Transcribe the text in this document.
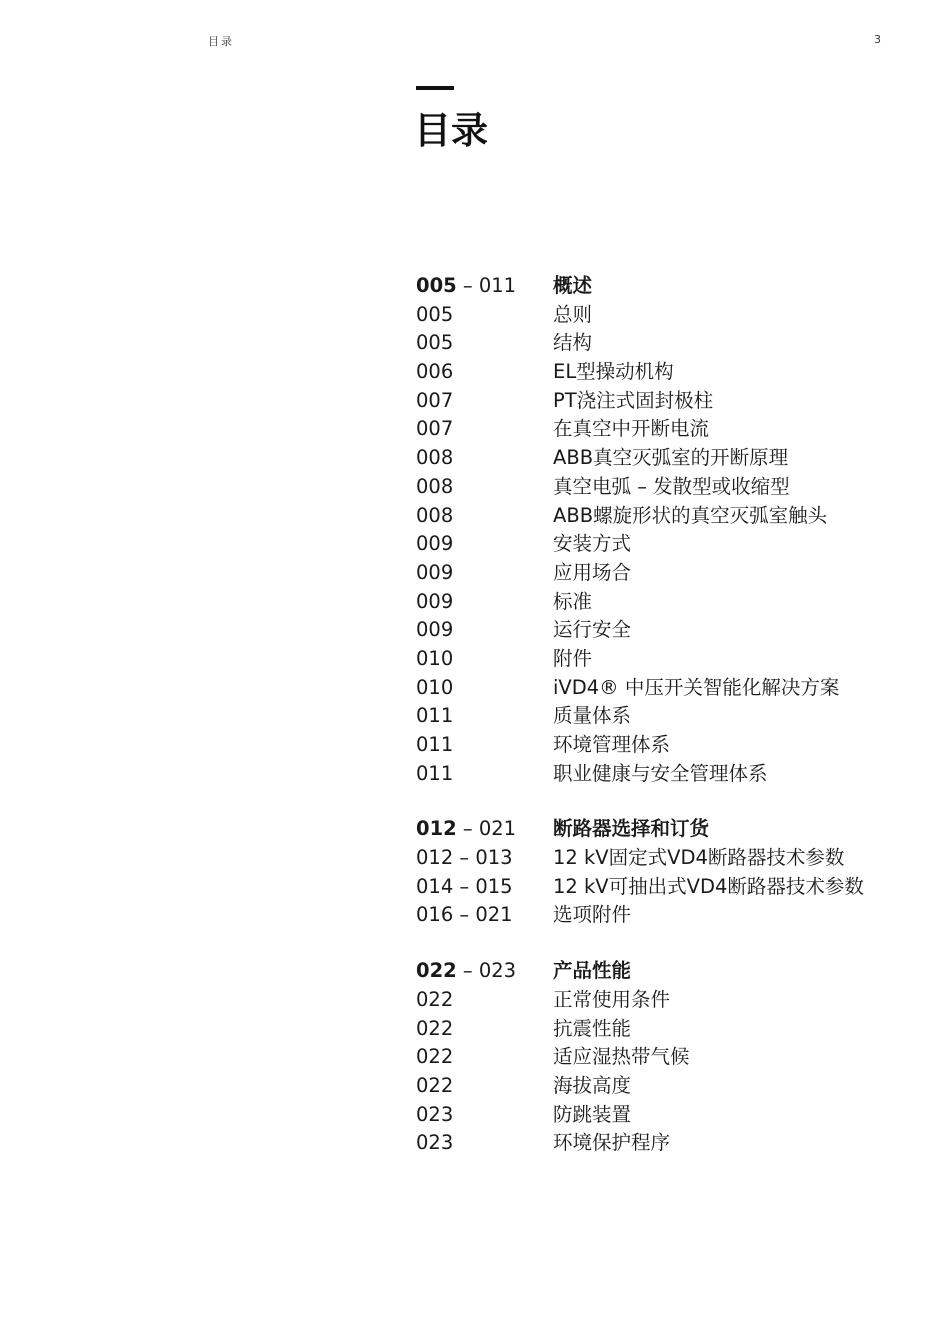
目录	3
目录
005 – 011	概述
005	总则
005	结构
006	EL型操动机构
007	PT浇注式固封极柱
007	在真空中开断电流
008	ABB真空灭弧室的开断原理
008	真空电弧 – 发散型或收缩型
008	ABB螺旋形状的真空灭弧室触头
009	安装方式
009	应用场合
009	标准
009	运行安全
010	附件
010	iVD4® 中压开关智能化解决方案
011	质量体系
011	环境管理体系
011	职业健康与安全管理体系
012 – 021	断路器选择和订货
012 – 013	12 kV固定式VD4断路器技术参数
014 – 015	12 kV可抽出式VD4断路器技术参数
016 – 021	选项附件
022 – 023	产品性能
022	正常使用条件
022	抗震性能
022	适应湿热带气候
022	海拔高度
023	防跳装置
023	环境保护程序
